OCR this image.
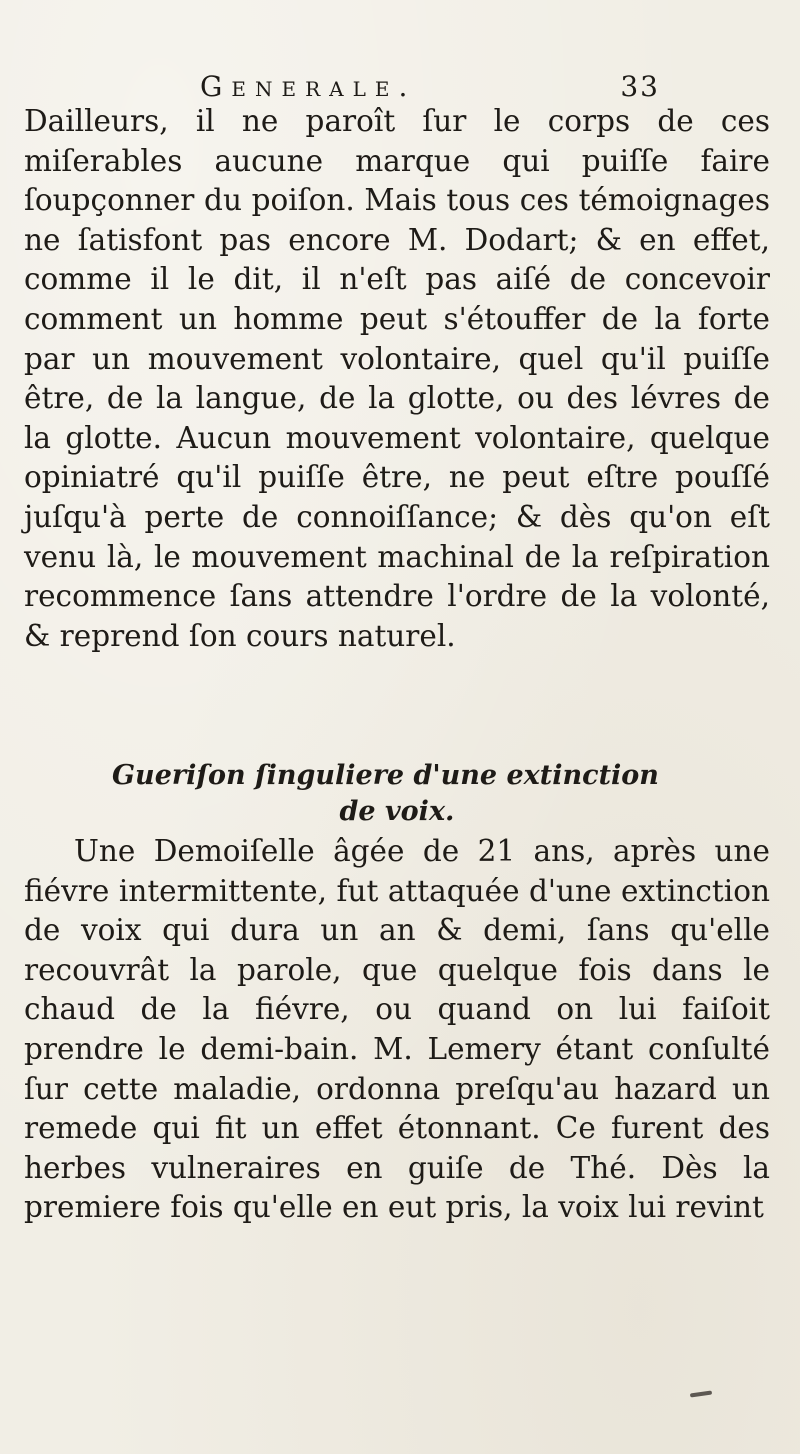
Generale.	33

Dailleurs, il ne paroît ſur le corps de ces miſerables aucune marque qui puiſſe faire ſoupçonner du poiſon. Mais tous ces témoignages ne ſatisfont pas encore M. Dodart; & en effet, comme il le dit, il n'eſt pas aiſé de concevoir comment un homme peut s'étouffer de la forte par un mouvement volontaire, quel qu'il puiſſe être, de la langue, de la glotte, ou des lévres de la glotte. Aucun mouvement volontaire, quelque opiniatré qu'il puiſſe être, ne peut eſtre pouſſé juſqu'à perte de connoiſſance; & dès qu'on eſt venu là, le mouvement machinal de la reſpiration recommence ſans attendre l'ordre de la volonté, & reprend ſon cours naturel.

Gueriſon ſinguliere d'une extinction
de voix.

Une Demoiſelle âgée de 21 ans, après une fiévre intermittente, fut attaquée d'une extinction de voix qui dura un an & demi, ſans qu'elle recouvrât la parole, que quelque fois dans le chaud de la fiévre, ou quand on lui faiſoit prendre le demi-bain. M. Lemery étant conſulté ſur cette maladie, ordonna preſqu'au hazard un remede qui fit un effet étonnant. Ce furent des herbes vulneraires en guiſe de Thé. Dès la premiere fois qu'elle en eut pris, la voix lui revint
